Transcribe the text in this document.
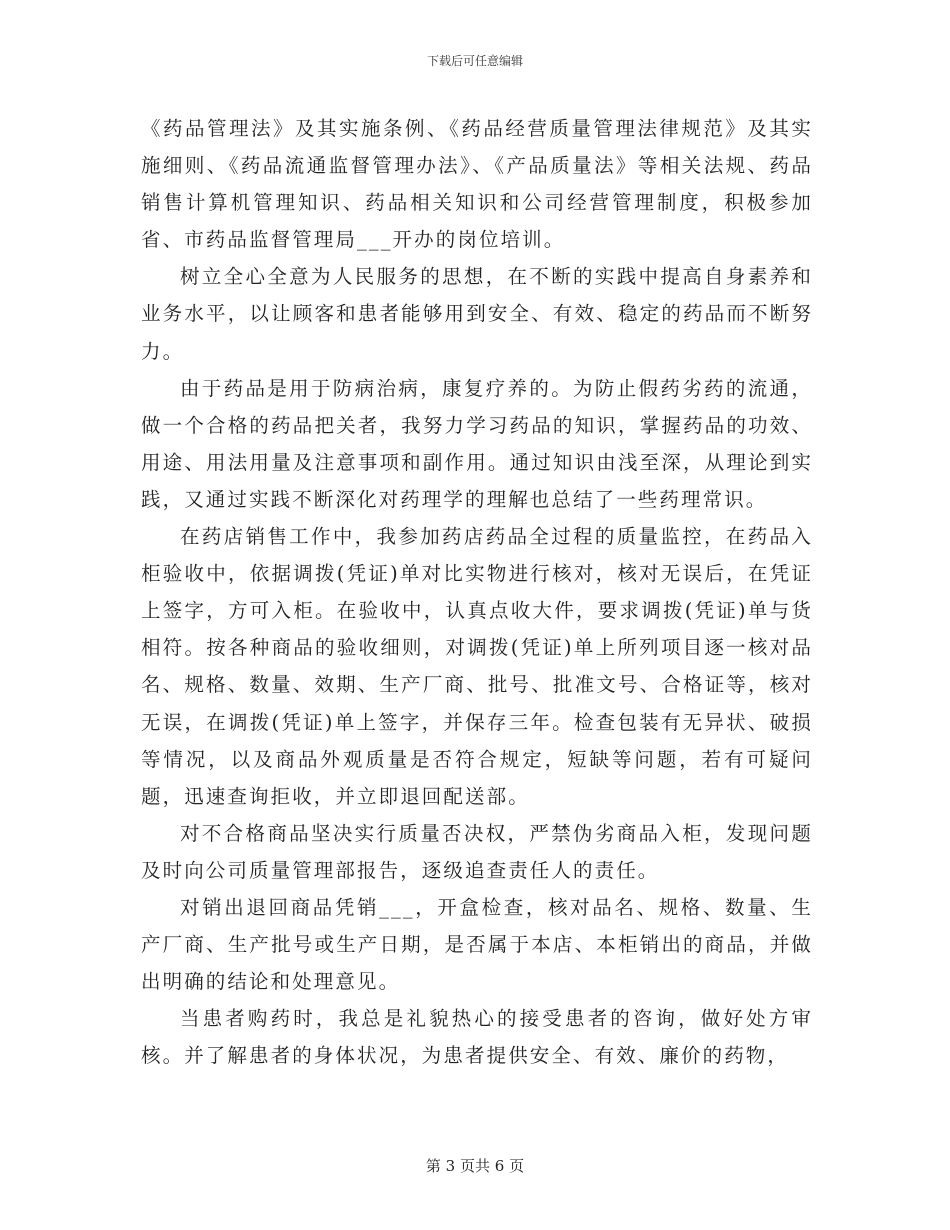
下载后可任意编辑

《药品管理法》及其实施条例、《药品经营质量管理法律规范》及其实施细则、《药品流通监督管理办法》、《产品质量法》等相关法规、药品销售计算机管理知识、药品相关知识和公司经营管理制度，积极参加省、市药品监督管理局___开办的岗位培训。

树立全心全意为人民服务的思想，在不断的实践中提高自身素养和业务水平，以让顾客和患者能够用到安全、有效、稳定的药品而不断努力。

由于药品是用于防病治病，康复疗养的。为防止假药劣药的流通，做一个合格的药品把关者，我努力学习药品的知识，掌握药品的功效、用途、用法用量及注意事项和副作用。通过知识由浅至深，从理论到实践，又通过实践不断深化对药理学的理解也总结了一些药理常识。

在药店销售工作中，我参加药店药品全过程的质量监控，在药品入柜验收中，依据调拨(凭证)单对比实物进行核对，核对无误后，在凭证上签字，方可入柜。在验收中，认真点收大件，要求调拨(凭证)单与货相符。按各种商品的验收细则，对调拨(凭证)单上所列项目逐一核对品名、规格、数量、效期、生产厂商、批号、批准文号、合格证等，核对无误，在调拨(凭证)单上签字，并保存三年。检查包装有无异状、破损等情况，以及商品外观质量是否符合规定，短缺等问题，若有可疑问题，迅速查询拒收，并立即退回配送部。

对不合格商品坚决实行质量否决权，严禁伪劣商品入柜，发现问题及时向公司质量管理部报告，逐级追查责任人的责任。

对销出退回商品凭销___，开盒检查，核对品名、规格、数量、生产厂商、生产批号或生产日期，是否属于本店、本柜销出的商品，并做出明确的结论和处理意见。

当患者购药时，我总是礼貌热心的接受患者的咨询，做好处方审核。并了解患者的身体状况，为患者提供安全、有效、廉价的药物，

第 3 页共 6 页
